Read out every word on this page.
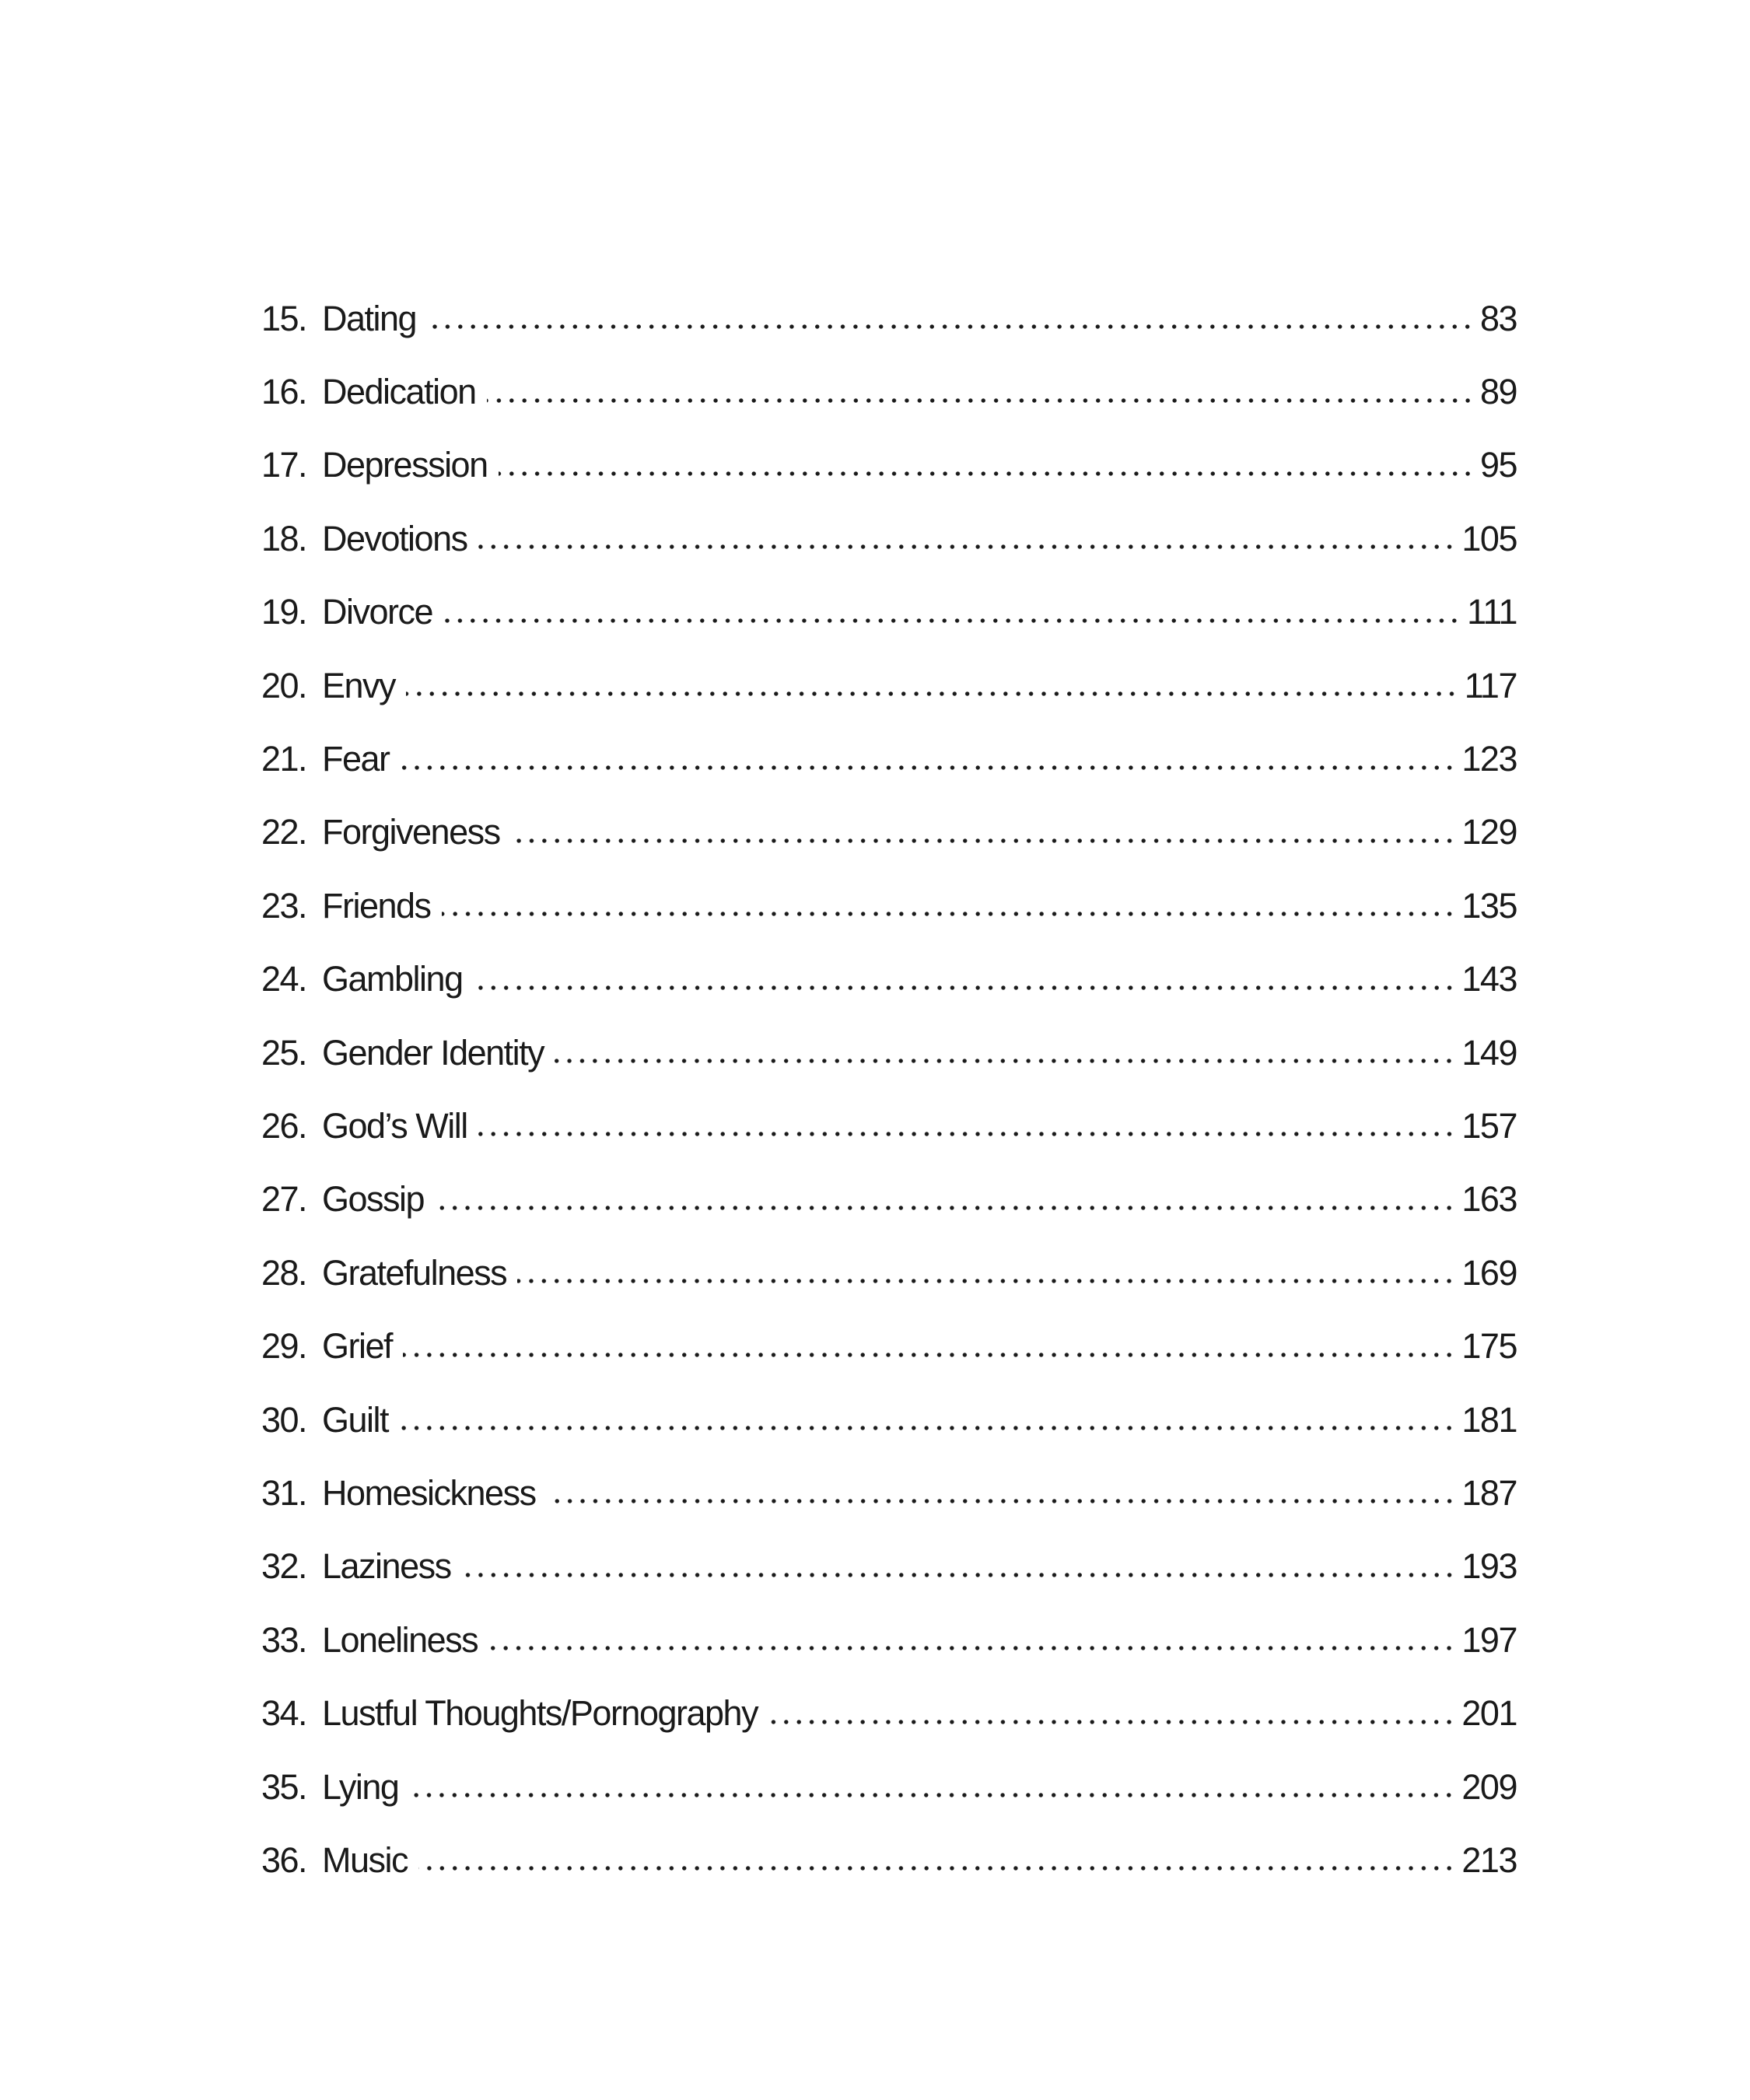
15. Dating	83
16. Dedication	89
17. Depression	95
18. Devotions	105
19. Divorce	111
20. Envy	117
21. Fear	123
22. Forgiveness	129
23. Friends	135
24. Gambling	143
25. Gender Identity	149
26. God’s Will	157
27. Gossip	163
28. Gratefulness	169
29. Grief	175
30. Guilt	181
31. Homesickness	187
32. Laziness	193
33. Loneliness	197
34. Lustful Thoughts/Pornography	201
35. Lying	209
36. Music	213
